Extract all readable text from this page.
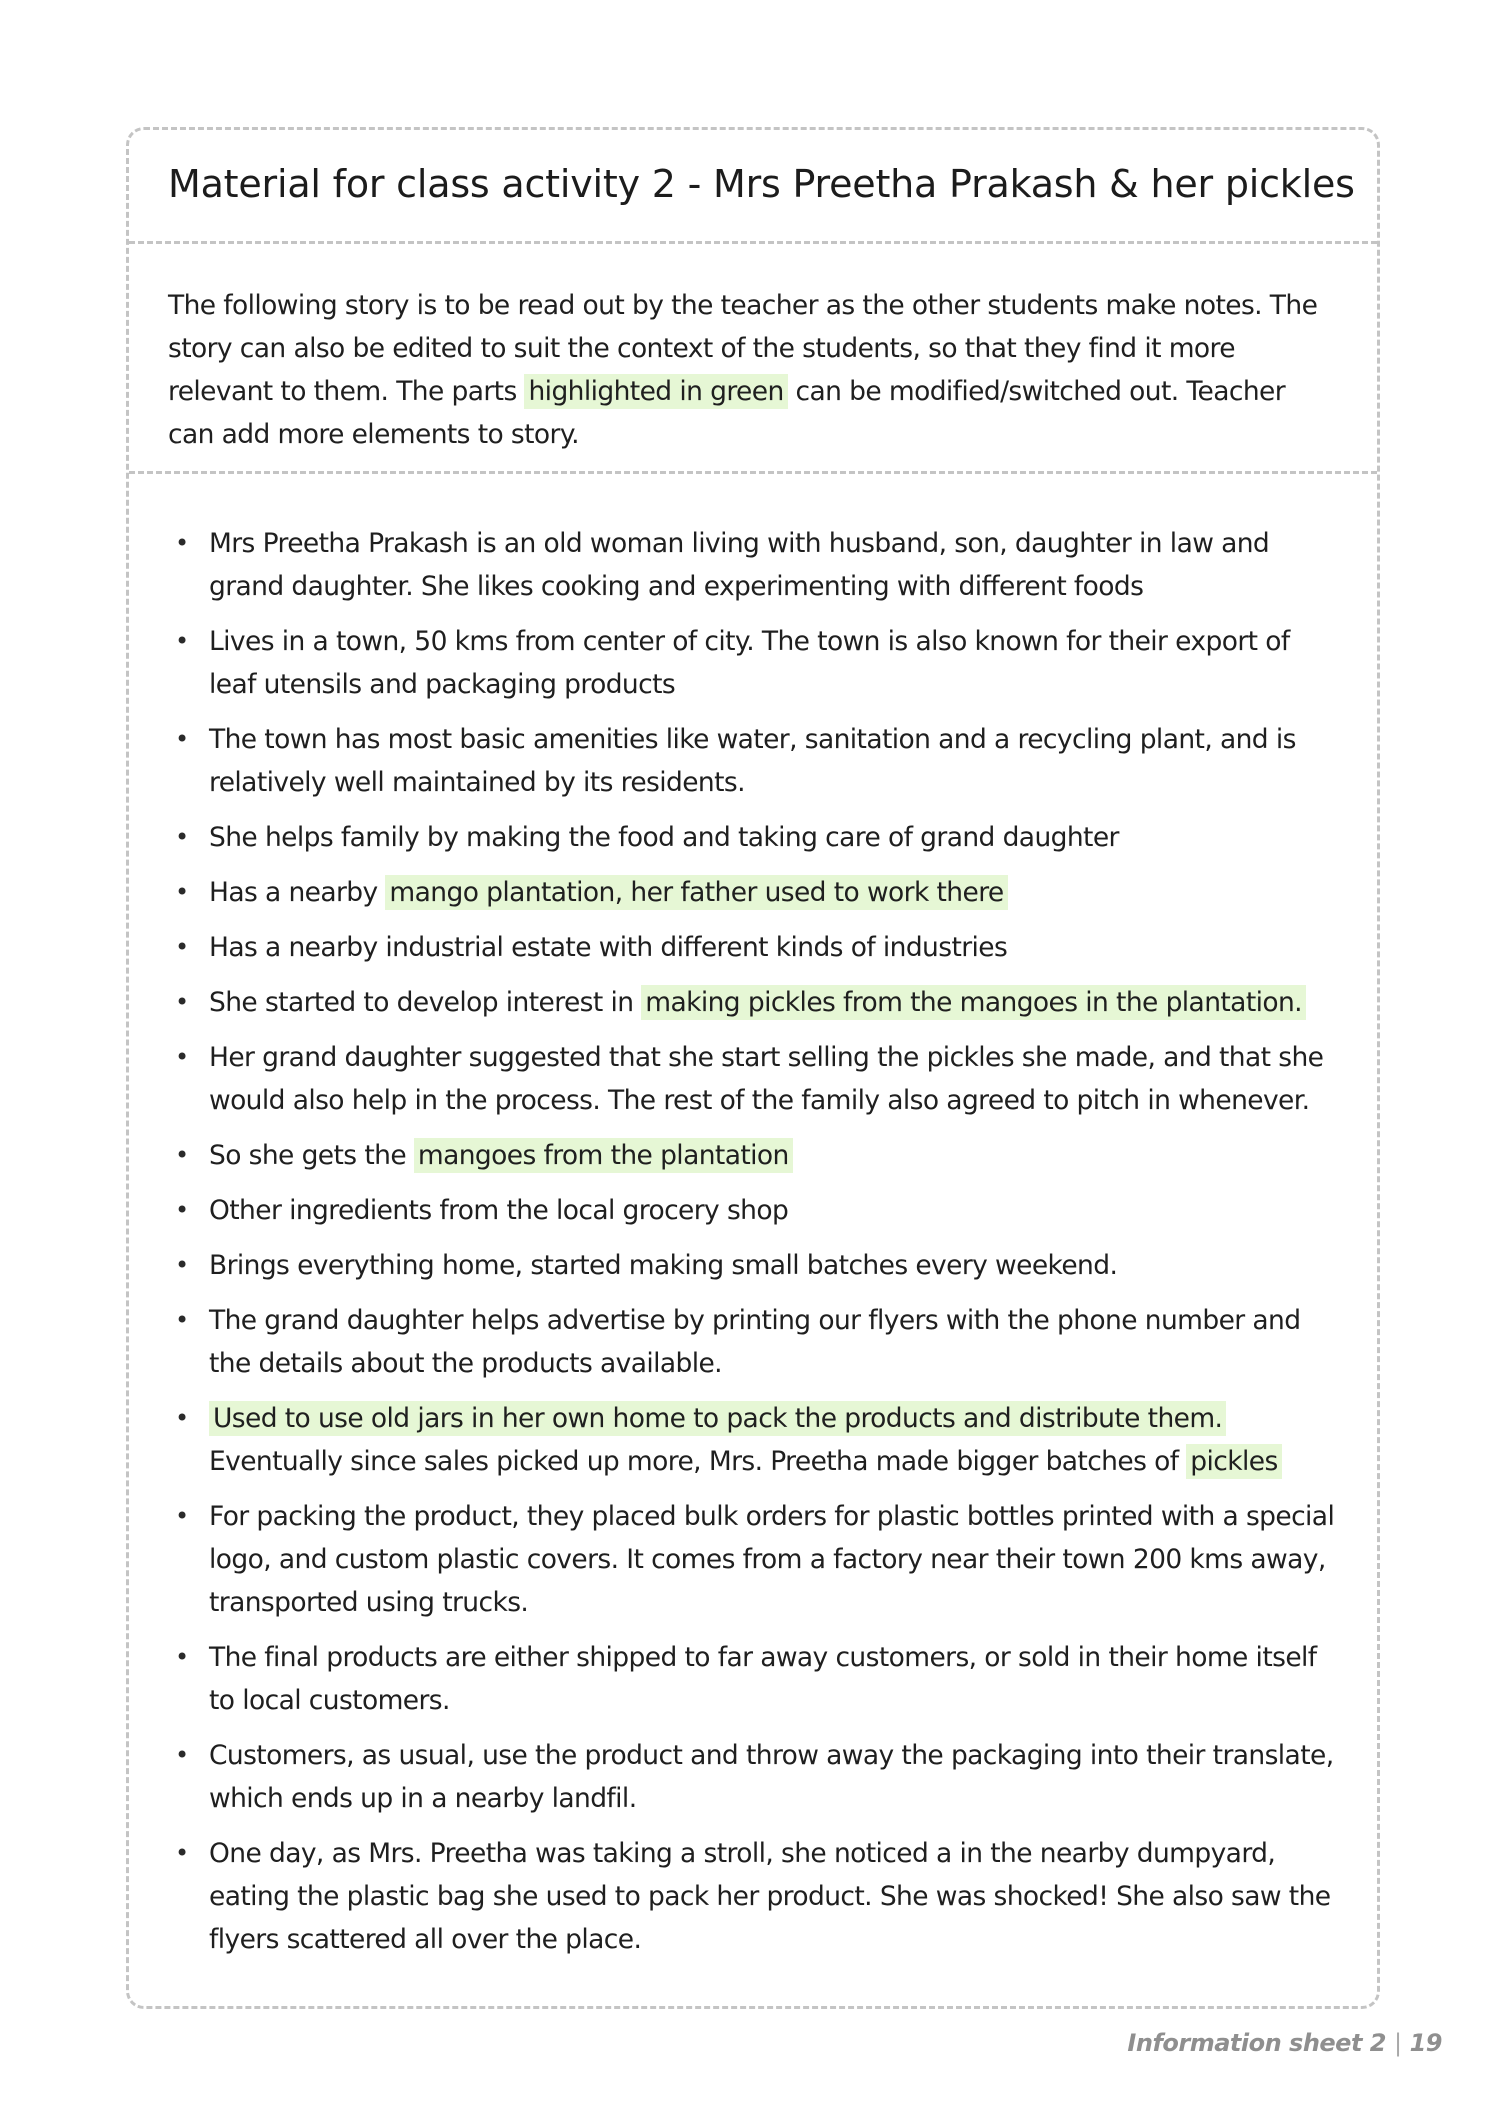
Material for class activity 2 - Mrs Preetha Prakash & her pickles

The following story is to be read out by the teacher as the other students make notes. The story can also be edited to suit the context of the students, so that they find it more relevant to them. The parts highlighted in green can be modified/switched out. Teacher can add more elements to story.

• Mrs Preetha Prakash is an old woman living with husband, son, daughter in law and grand daughter. She likes cooking and experimenting with different foods
• Lives in a town, 50 kms from center of city. The town is also known for their export of leaf utensils and packaging products
• The town has most basic amenities like water, sanitation and a recycling plant, and is relatively well maintained by its residents.
• She helps family by making the food and taking care of grand daughter
• Has a nearby mango plantation, her father used to work there
• Has a nearby industrial estate with different kinds of industries
• She started to develop interest in making pickles from the mangoes in the plantation.
• Her grand daughter suggested that she start selling the pickles she made, and that she would also help in the process. The rest of the family also agreed to pitch in whenever.
• So she gets the mangoes from the plantation
• Other ingredients from the local grocery shop
• Brings everything home, started making small batches every weekend.
• The grand daughter helps advertise by printing our flyers with the phone number and the details about the products available.
• Used to use old jars in her own home to pack the products and distribute them. Eventually since sales picked up more, Mrs. Preetha made bigger batches of pickles
• For packing the product, they placed bulk orders for plastic bottles printed with a special logo, and custom plastic covers. It comes from a factory near their town 200 kms away, transported using trucks.
• The final products are either shipped to far away customers, or sold in their home itself to local customers.
• Customers, as usual, use the product and throw away the packaging into their translate, which ends up in a nearby landfil.
• One day, as Mrs. Preetha was taking a stroll, she noticed a in the nearby dumpyard, eating the plastic bag she used to pack her product. She was shocked! She also saw the flyers scattered all over the place.
Information sheet 2 | 19
